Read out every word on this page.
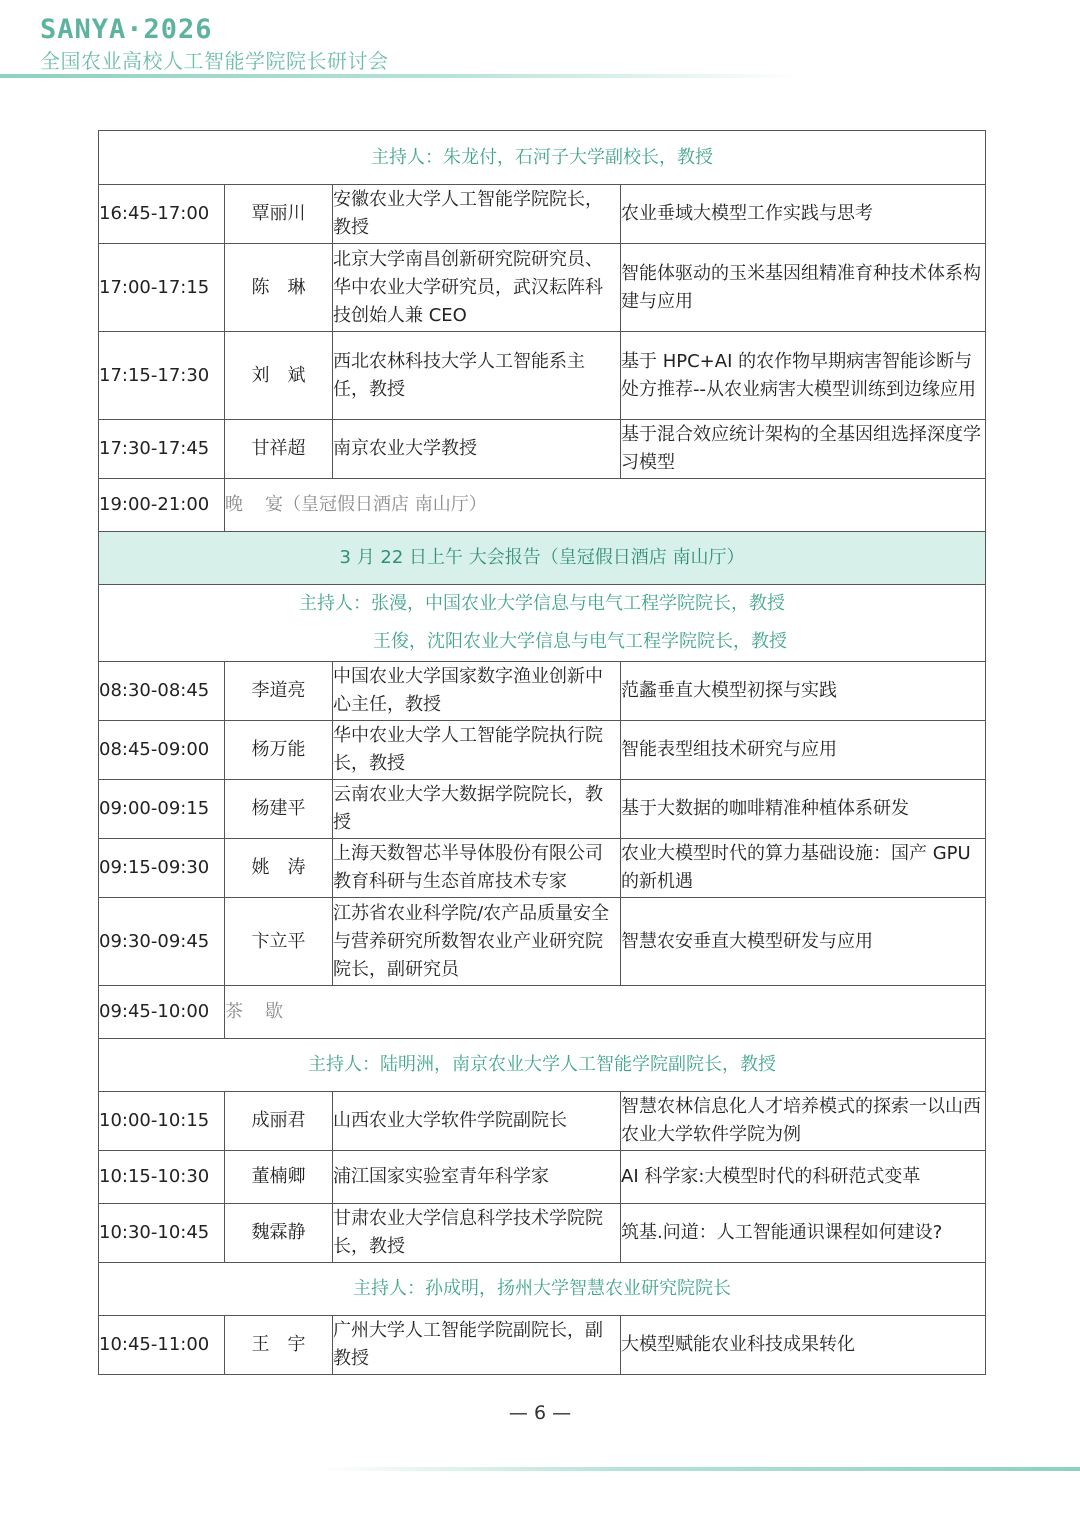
SANYA·2026
全国农业高校人工智能学院院长研讨会
主持人：朱龙付，石河子大学副校长，教授			
16:45-17:00	覃丽川	安徽农业大学人工智能学院院长，教授	农业垂域大模型工作实践与思考
17:00-17:15	陈　琳	北京大学南昌创新研究院研究员、华中农业大学研究员，武汉耘阵科技创始人兼 CEO	智能体驱动的玉米基因组精准育种技术体系构建与应用
17:15-17:30	刘　斌	西北农林科技大学人工智能系主任，教授	基于 HPC+AI 的农作物早期病害智能诊断与处方推荐--从农业病害大模型训练到边缘应用
17:30-17:45	甘祥超	南京农业大学教授	基于混合效应统计架构的全基因组选择深度学习模型
19:00-21:00	晚 宴（皇冠假日酒店 南山厅）		
3 月 22 日上午 大会报告（皇冠假日酒店 南山厅）			

主持人：张漫，中国农业大学信息与电气工程学院院长，教授
王俊，沈阳农业大学信息与电气工程学院院长，教授			

08:30-08:45	李道亮	中国农业大学国家数字渔业创新中心主任，教授	范蠡垂直大模型初探与实践
08:45-09:00	杨万能	华中农业大学人工智能学院执行院长，教授	智能表型组技术研究与应用
09:00-09:15	杨建平	云南农业大学大数据学院院长，教授	基于大数据的咖啡精准种植体系研发
09:15-09:30	姚　涛	上海天数智芯半导体股份有限公司教育科研与生态首席技术专家	农业大模型时代的算力基础设施：国产 GPU 的新机遇
09:30-09:45	卞立平	江苏省农业科学院/农产品质量安全与营养研究所数智农业产业研究院院长，副研究员	智慧农安垂直大模型研发与应用
09:45-10:00	茶 歇		
主持人：陆明洲，南京农业大学人工智能学院副院长，教授			
10:00-10:15	成丽君	山西农业大学软件学院副院长	智慧农林信息化人才培养模式的探索一以山西农业大学软件学院为例
10:15-10:30	董楠卿	浦江国家实验室青年科学家	AI 科学家:大模型时代的科研范式变革
10:30-10:45	魏霖静	甘肃农业大学信息科学技术学院院长，教授	筑基.问道：人工智能通识课程如何建设?
主持人：孙成明，扬州大学智慧农业研究院院长			
10:45-11:00	王　宇	广州大学人工智能学院副院长，副教授	大模型赋能农业科技成果转化
— 6 —
